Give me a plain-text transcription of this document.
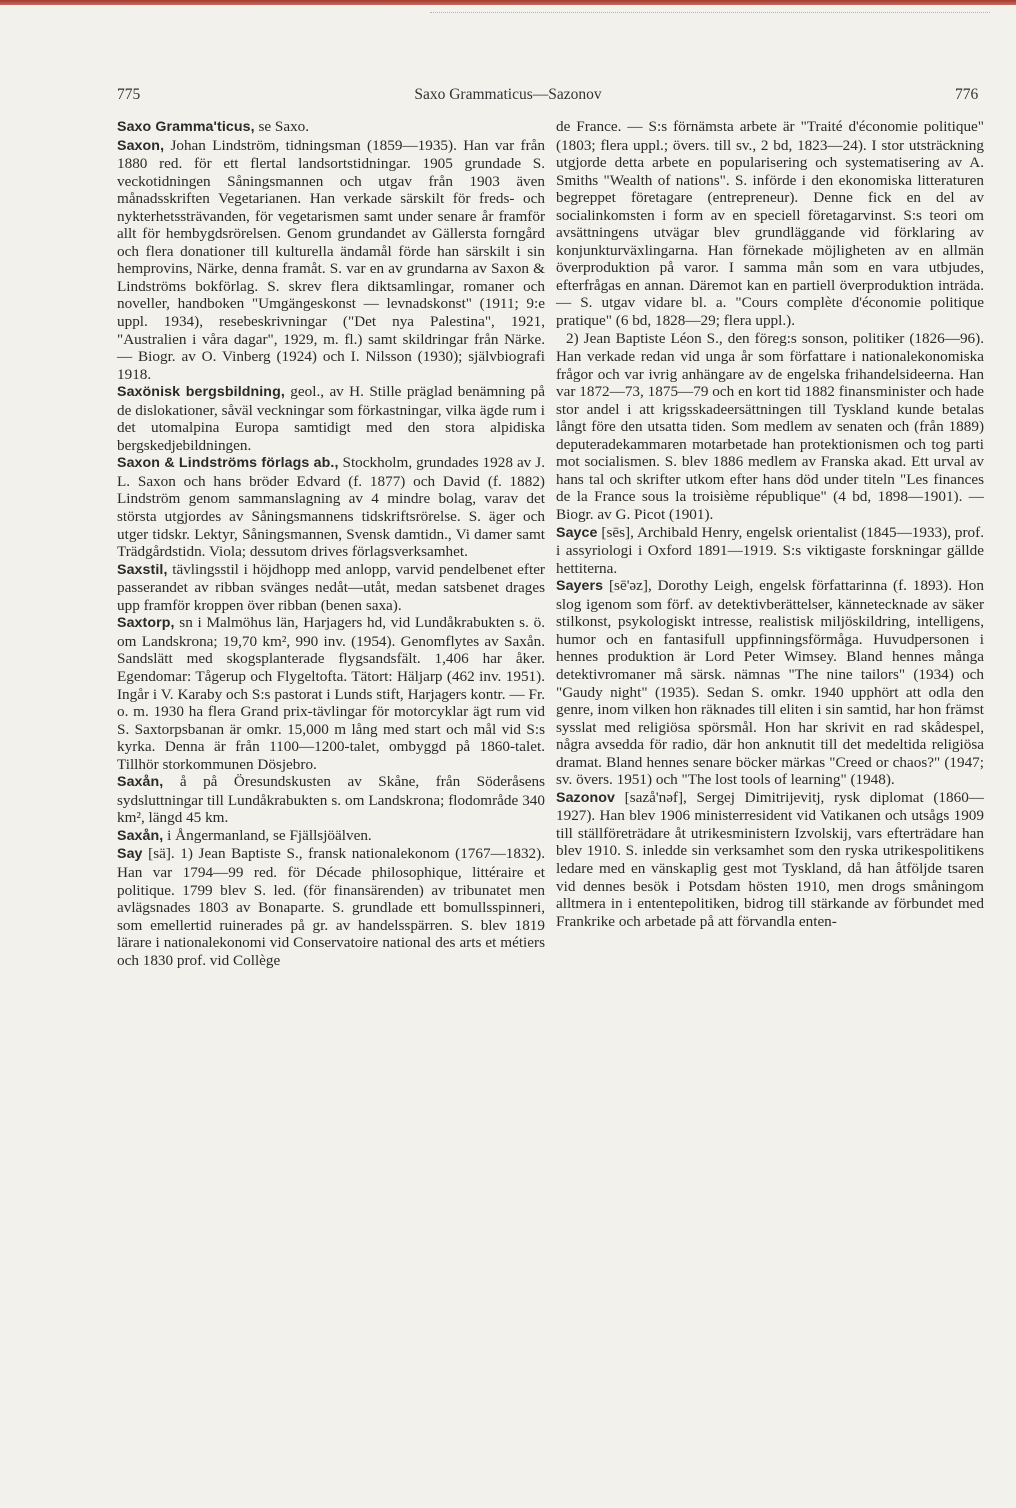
775	Saxo Grammaticus—Sazonov	776

Saxo Gramma'ticus, se Saxo.

Saxon, Johan Lindström, tidningsman (1859—1935). Han var från 1880 red. för ett flertal landsortstidningar. 1905 grundade S. veckotidningen Såningsmannen och utgav från 1903 även månadsskriften Vegetarianen. Han verkade särskilt för freds- och nykterhetssträvanden, för vegetarismen samt under senare år framför allt för hembygdsrörelsen. Genom grundandet av Gällersta forngård och flera donationer till kulturella ändamål förde han särskilt i sin hemprovins, Närke, denna framåt. S. var en av grundarna av Saxon & Lindströms bokförlag. S. skrev flera diktsamlingar, romaner och noveller, handboken "Umgängeskonst — levnadskonst" (1911; 9:e uppl. 1934), resebeskrivningar ("Det nya Palestina", 1921, "Australien i våra dagar", 1929, m. fl.) samt skildringar från Närke. — Biogr. av O. Vinberg (1924) och I. Nilsson (1930); självbiografi 1918.

Saxönisk bergsbildning, geol., av H. Stille präglad benämning på de dislokationer, såväl veckningar som förkastningar, vilka ägde rum i det utomalpina Europa samtidigt med den stora alpidiska bergskedjebildningen.

Saxon & Lindströms förlags ab., Stockholm, grundades 1928 av J. L. Saxon och hans bröder Edvard (f. 1877) och David (f. 1882) Lindström genom sammanslagning av 4 mindre bolag, varav det största utgjordes av Såningsmannens tidskriftsrörelse. S. äger och utger tidskr. Lektyr, Såningsmannen, Svensk damtidn., Vi damer samt Trädgårdstidn. Viola; dessutom drives förlagsverksamhet.

Saxstil, tävlingsstil i höjdhopp med anlopp, varvid pendelbenet efter passerandet av ribban svänges nedåt—utåt, medan satsbenet drages upp framför kroppen över ribban (benen saxa).

Saxtorp, sn i Malmöhus län, Harjagers hd, vid Lundåkrabukten s. ö. om Landskrona; 19,70 km², 990 inv. (1954). Genomflytes av Saxån. Sandslätt med skogsplanterade flygsandsfält. 1,406 har åker. Egendomar: Tågerup och Flygeltofta. Tätort: Häljarp (462 inv. 1951). Ingår i V. Karaby och S:s pastorat i Lunds stift, Harjagers kontr. — Fr. o. m. 1930 ha flera Grand prix-tävlingar för motorcyklar ägt rum vid S. Saxtorpsbanan är omkr. 15,000 m lång med start och mål vid S:s kyrka. Denna är från 1100—1200-talet, ombyggd på 1860-talet. Tillhör storkommunen Dösjebro.

Saxån, å på Öresundskusten av Skåne, från Söderåsens sydsluttningar till Lundåkrabukten s. om Landskrona; flodområde 340 km², längd 45 km.

Saxån, i Ångermanland, se Fjällsjöälven.

Say [sä]. 1) Jean Baptiste S., fransk nationalekonom (1767—1832). Han var 1794—99 red. för Décade philosophique, littéraire et politique. 1799 blev S. led. (för finansärenden) av tribunatet men avlägsnades 1803 av Bonaparte. S. grundlade ett bomullsspinneri, som emellertid ruinerades på gr. av handelsspärren. S. blev 1819 lärare i nationalekonomi vid Conservatoire national des arts et métiers och 1830 prof. vid Collège

de France. — S:s förnämsta arbete är "Traité d'économie politique" (1803; flera uppl.; övers. till sv., 2 bd, 1823—24). I stor utsträckning utgjorde detta arbete en popularisering och systematisering av A. Smiths "Wealth of nations". S. införde i den ekonomiska litteraturen begreppet företagare (entrepreneur). Denne fick en del av socialinkomsten i form av en speciell företagarvinst. S:s teori om avsättningens utvägar blev grundläggande vid förklaring av konjunkturväxlingarna. Han förnekade möjligheten av en allmän överproduktion på varor. I samma mån som en vara utbjudes, efterfrågas en annan. Däremot kan en partiell överproduktion inträda. — S. utgav vidare bl. a. "Cours complète d'économie politique pratique" (6 bd, 1828—29; flera uppl.).

2) Jean Baptiste Léon S., den föreg:s sonson, politiker (1826—96). Han verkade redan vid unga år som författare i nationalekonomiska frågor och var ivrig anhängare av de engelska frihandelsideerna. Han var 1872—73, 1875—79 och en kort tid 1882 finansminister och hade stor andel i att krigsskadeersättningen till Tyskland kunde betalas långt före den utsatta tiden. Som medlem av senaten och (från 1889) deputeradekammaren motarbetade han protektionismen och tog parti mot socialismen. S. blev 1886 medlem av Franska akad. Ett urval av hans tal och skrifter utkom efter hans död under titeln "Les finances de la France sous la troisième république" (4 bd, 1898—1901). — Biogr. av G. Picot (1901).

Sayce [sēs], Archibald Henry, engelsk orientalist (1845—1933), prof. i assyriologi i Oxford 1891—1919. S:s viktigaste forskningar gällde hettiterna.

Sayers [sē'əz], Dorothy Leigh, engelsk författarinna (f. 1893). Hon slog igenom som förf. av detektivberättelser, kännetecknade av säker stilkonst, psykologiskt intresse, realistisk miljöskildring, intelligens, humor och en fantasifull uppfinningsförmåga. Huvudpersonen i hennes produktion är Lord Peter Wimsey. Bland hennes många detektivromaner må särsk. nämnas "The nine tailors" (1934) och "Gaudy night" (1935). Sedan S. omkr. 1940 upphört att odla den genre, inom vilken hon räknades till eliten i sin samtid, har hon främst sysslat med religiösa spörsmål. Hon har skrivit en rad skådespel, några avsedda för radio, där hon anknutit till det medeltida religiösa dramat. Bland hennes senare böcker märkas "Creed or chaos?" (1947; sv. övers. 1951) och "The lost tools of learning" (1948).

Sazonov [sazå'nəf], Sergej Dimitrijevitj, rysk diplomat (1860—1927). Han blev 1906 ministerresident vid Vatikanen och utsågs 1909 till ställföreträdare åt utrikesministern Izvolskij, vars efterträdare han blev 1910. S. inledde sin verksamhet som den ryska utrikespolitikens ledare med en vänskaplig gest mot Tyskland, då han åtföljde tsaren vid dennes besök i Potsdam hösten 1910, men drogs småningom alltmera in i ententepolitiken, bidrog till stärkande av förbundet med Frankrike och arbetade på att förvandla enten-
